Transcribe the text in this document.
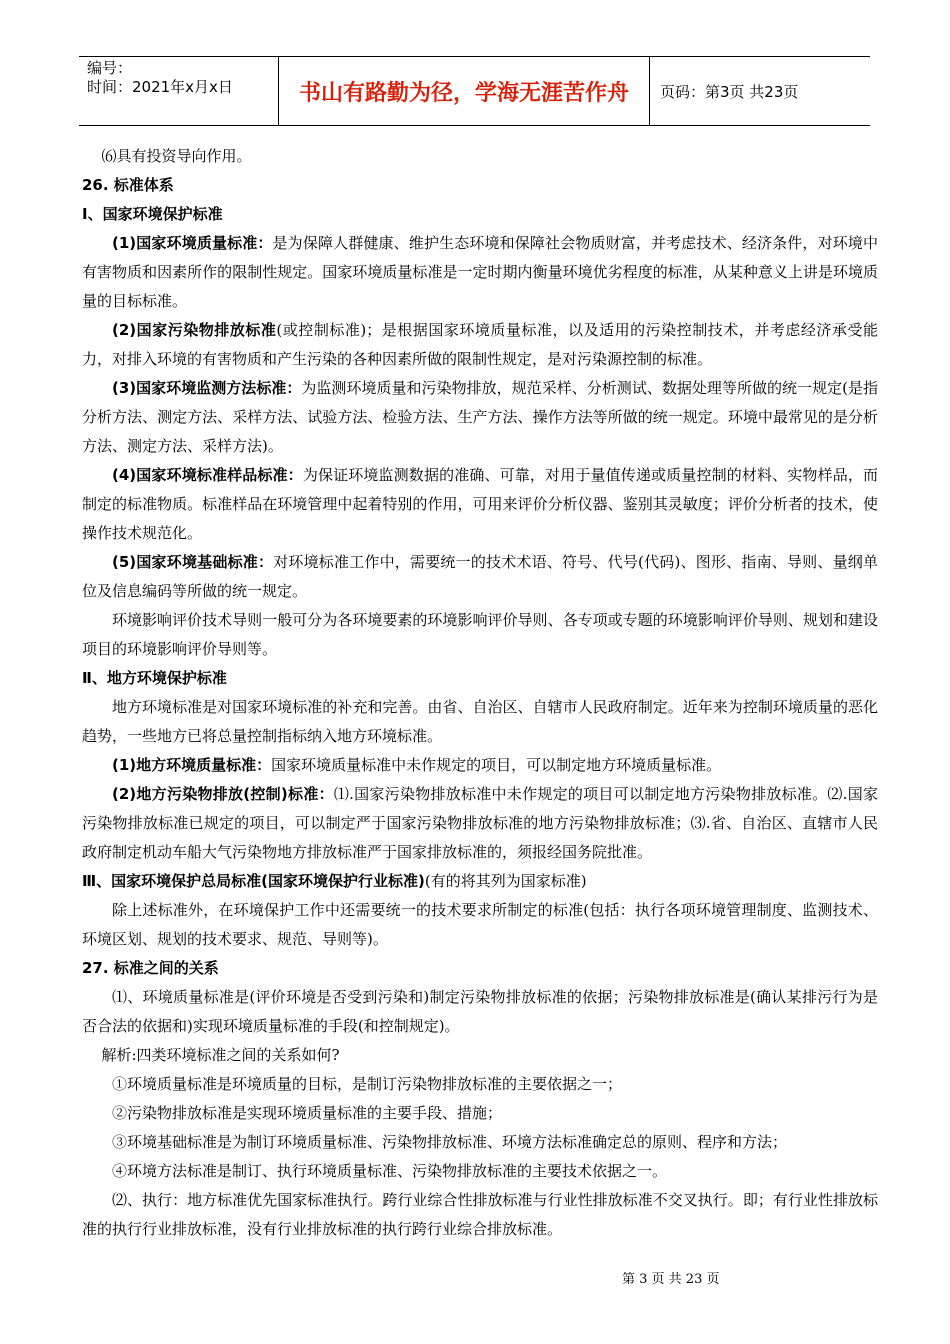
编号：
时间：2021年x月x日	书山有路勤为径，学海无涯苦作舟	页码：第3页 共23页

⑹具有投资导向作用。

26. 标准体系

Ⅰ、国家环境保护标准

(1)国家环境质量标准：是为保障人群健康、维护生态环境和保障社会物质财富，并考虑技术、经济条件，对环境中有害物质和因素所作的限制性规定。国家环境质量标准是一定时期内衡量环境优劣程度的标准，从某种意义上讲是环境质量的目标标准。

(2)国家污染物排放标准(或控制标准)；是根据国家环境质量标准，以及适用的污染控制技术，并考虑经济承受能力，对排入环境的有害物质和产生污染的各种因素所做的限制性规定，是对污染源控制的标准。

(3)国家环境监测方法标准：为监测环境质量和污染物排放，规范采样、分析测试、数据处理等所做的统一规定(是指分析方法、测定方法、采样方法、试验方法、检验方法、生产方法、操作方法等所做的统一规定。环境中最常见的是分析方法、测定方法、采样方法)。

(4)国家环境标准样品标准：为保证环境监测数据的准确、可靠，对用于量值传递或质量控制的材料、实物样品，而制定的标准物质。标准样品在环境管理中起着特别的作用，可用来评价分析仪器、鉴别其灵敏度；评价分析者的技术，使操作技术规范化。

(5)国家环境基础标准：对环境标准工作中，需要统一的技术术语、符号、代号(代码)、图形、指南、导则、量纲单位及信息编码等所做的统一规定。

环境影响评价技术导则一般可分为各环境要素的环境影响评价导则、各专项或专题的环境影响评价导则、规划和建设项目的环境影响评价导则等。

Ⅱ、地方环境保护标准

地方环境标准是对国家环境标准的补充和完善。由省、自治区、自辖市人民政府制定。近年来为控制环境质量的恶化趋势，一些地方已将总量控制指标纳入地方环境标准。

(1)地方环境质量标准：国家环境质量标准中未作规定的项目，可以制定地方环境质量标准。

(2)地方污染物排放(控制)标准：⑴.国家污染物排放标准中未作规定的项目可以制定地方污染物排放标准。⑵.国家污染物排放标准已规定的项目，可以制定严于国家污染物排放标准的地方污染物排放标准；⑶.省、自治区、直辖市人民政府制定机动车船大气污染物地方排放标准严于国家排放标准的，须报经国务院批准。

Ⅲ、国家环境保护总局标准(国家环境保护行业标准)(有的将其列为国家标准)

除上述标准外，在环境保护工作中还需要统一的技术要求所制定的标准(包括：执行各项环境管理制度、监测技术、环境区划、规划的技术要求、规范、导则等)。

27. 标准之间的关系

⑴、环境质量标准是(评价环境是否受到污染和)制定污染物排放标准的依据；污染物排放标准是(确认某排污行为是否合法的依据和)实现环境质量标准的手段(和控制规定)。

解析:四类环境标准之间的关系如何?

①环境质量标准是环境质量的目标，是制订污染物排放标准的主要依据之一；

②污染物排放标准是实现环境质量标准的主要手段、措施；

③环境基础标准是为制订环境质量标准、污染物排放标准、环境方法标准确定总的原则、程序和方法；

④环境方法标准是制订、执行环境质量标准、污染物排放标准的主要技术依据之一。

⑵、执行：地方标准优先国家标准执行。跨行业综合性排放标准与行业性排放标准不交叉执行。即；有行业性排放标准的执行行业排放标准，没有行业排放标准的执行跨行业综合排放标准。

第 3 页 共 23 页
